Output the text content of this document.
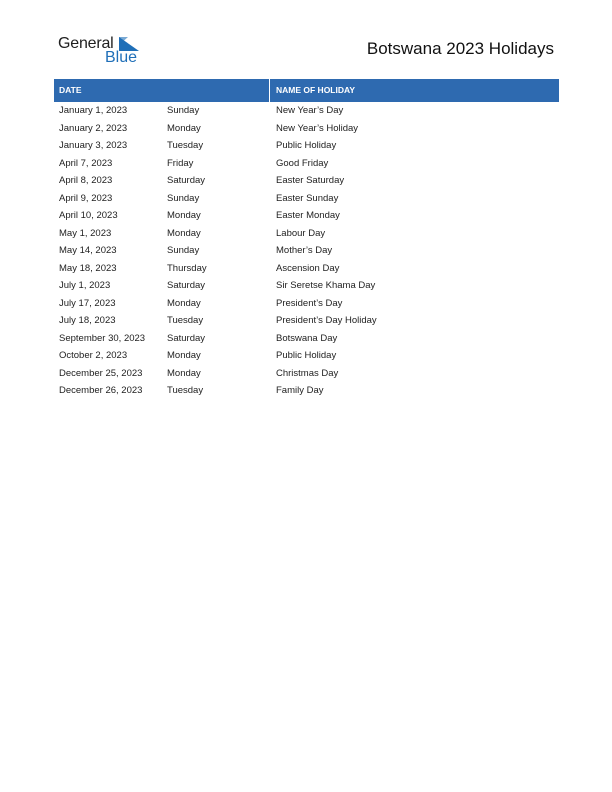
General
Blue	Botswana 2023 Holidays
DATE	NAME OF HOLIDAY
January 1, 2023	Sunday	New Year’s Day
January 2, 2023	Monday	New Year’s Holiday
January 3, 2023	Tuesday	Public Holiday
April 7, 2023	Friday	Good Friday
April 8, 2023	Saturday	Easter Saturday
April 9, 2023	Sunday	Easter Sunday
April 10, 2023	Monday	Easter Monday
May 1, 2023	Monday	Labour Day
May 14, 2023	Sunday	Mother’s Day
May 18, 2023	Thursday	Ascension Day
July 1, 2023	Saturday	Sir Seretse Khama Day
July 17, 2023	Monday	President’s Day
July 18, 2023	Tuesday	President’s Day Holiday
September 30, 2023	Saturday	Botswana Day
October 2, 2023	Monday	Public Holiday
December 25, 2023	Monday	Christmas Day
December 26, 2023	Tuesday	Family Day
